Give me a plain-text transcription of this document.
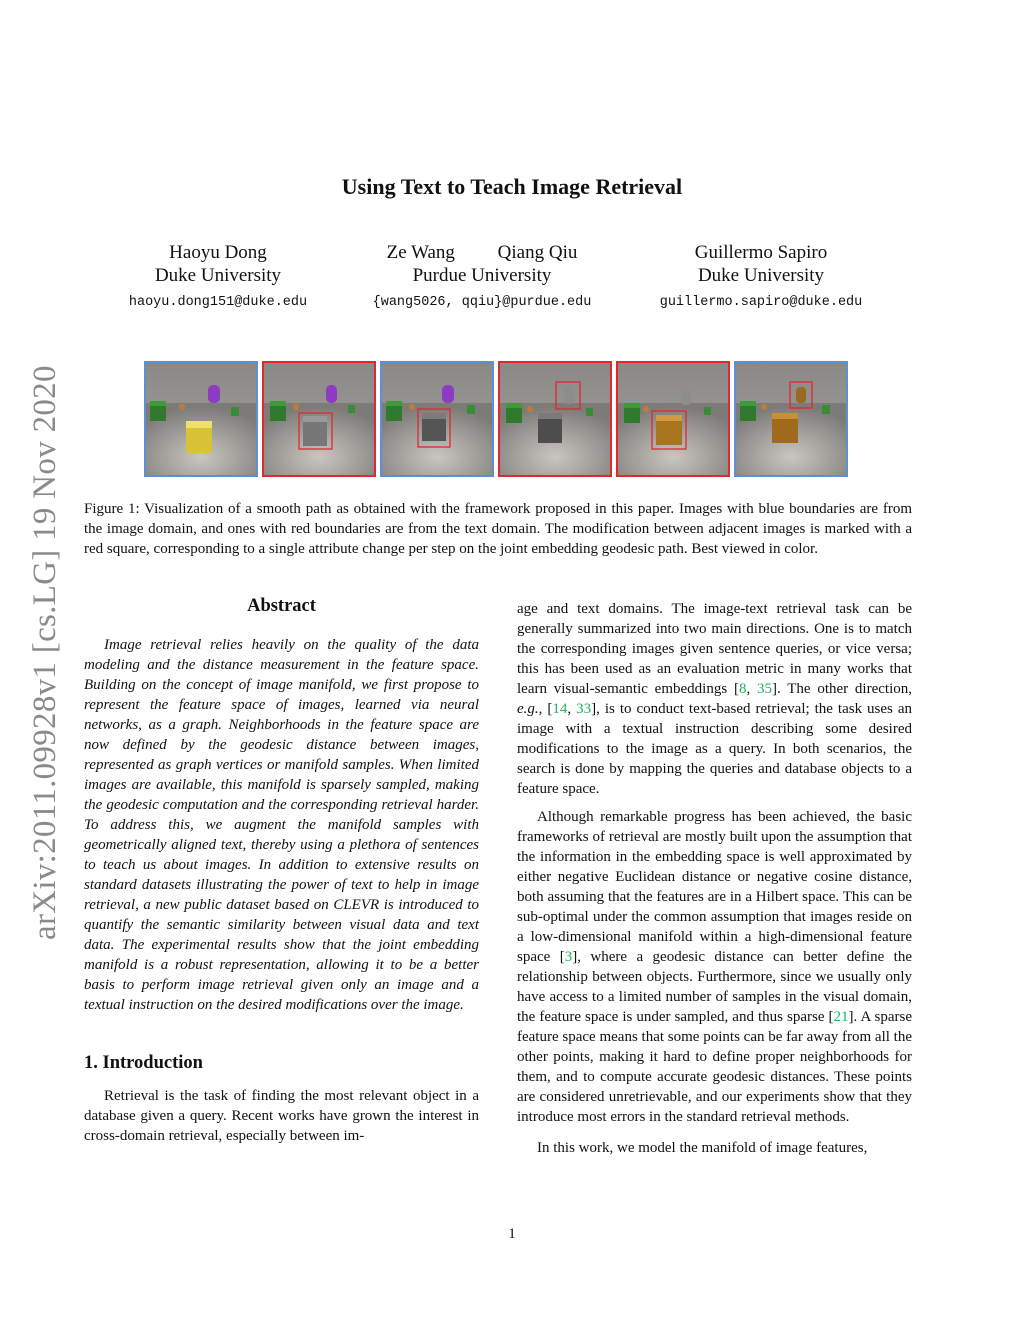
arXiv:2011.09928v1 [cs.LG] 19 Nov 2020
Using Text to Teach Image Retrieval
Haoyu Dong
Duke University
haoyu.dong151@duke.edu
Ze Wang         Qiang Qiu
Purdue University
{wang5026, qqiu}@purdue.edu
Guillermo Sapiro
Duke University
guillermo.sapiro@duke.edu
Figure 1: Visualization of a smooth path as obtained with the framework proposed in this paper. Images with blue boundaries are from the image domain, and ones with red boundaries are from the text domain. The modification between adjacent images is marked with a red square, corresponding to a single attribute change per step on the joint embedding geodesic path. Best viewed in color.
Abstract

Image retrieval relies heavily on the quality of the data modeling and the distance measurement in the feature space. Building on the concept of image manifold, we first propose to represent the feature space of images, learned via neural networks, as a graph. Neighborhoods in the feature space are now defined by the geodesic distance between images, represented as graph vertices or manifold samples. When limited images are available, this manifold is sparsely sampled, making the geodesic computation and the corresponding retrieval harder. To address this, we augment the manifold samples with geometrically aligned text, thereby using a plethora of sentences to teach us about images. In addition to extensive results on standard datasets illustrating the power of text to help in image retrieval, a new public dataset based on CLEVR is introduced to quantify the semantic similarity between visual data and text data. The experimental results show that the joint embedding manifold is a robust representation, allowing it to be a better basis to perform image retrieval given only an image and a textual instruction on the desired modifications over the image.

1. Introduction

Retrieval is the task of finding the most relevant object in a database given a query. Recent works have grown the interest in cross-domain retrieval, especially between im-

age and text domains. The image-text retrieval task can be generally summarized into two main directions. One is to match the corresponding images given sentence queries, or vice versa; this has been used as an evaluation metric in many works that learn visual-semantic embeddings [8, 35]. The other direction, e.g., [14, 33], is to conduct text-based retrieval; the task uses an image with a textual instruction describing some desired modifications to the image as a query. In both scenarios, the search is done by mapping the queries and database objects to a feature space.

Although remarkable progress has been achieved, the basic frameworks of retrieval are mostly built upon the assumption that the information in the embedding space is well approximated by either negative Euclidean distance or negative cosine distance, both assuming that the features are in a Hilbert space. This can be sub-optimal under the common assumption that images reside on a low-dimensional manifold within a high-dimensional feature space [3], where a geodesic distance can better define the relationship between objects. Furthermore, since we usually only have access to a limited number of samples in the visual domain, the feature space is under sampled, and thus sparse [21]. A sparse feature space means that some points can be far away from all the other points, making it hard to define proper neighborhoods for them, and to compute accurate geodesic distances. These points are considered unretrievable, and our experiments show that they introduce most errors in the standard retrieval methods.

In this work, we model the manifold of image features,

1
